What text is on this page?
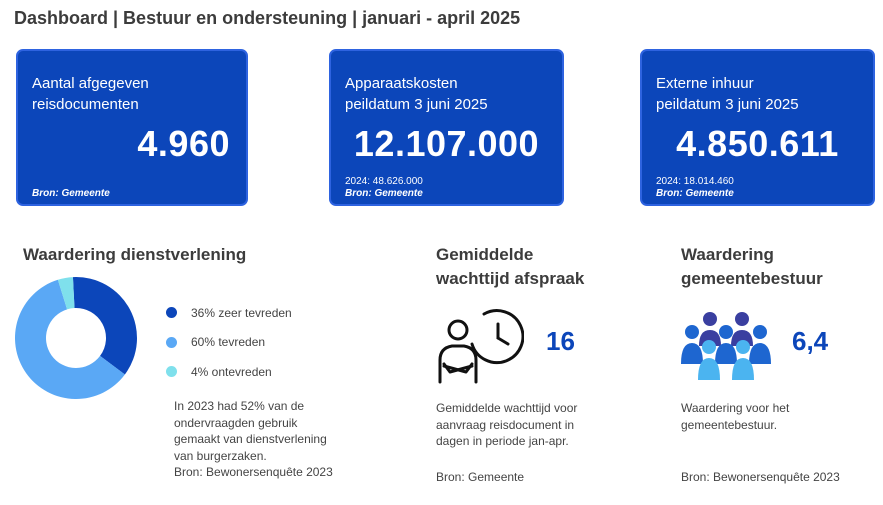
Dashboard | Bestuur en ondersteuning | januari - april 2025
Aantal afgegeven
reisdocumenten
4.960
Bron: Gemeente
Apparaatskosten
peildatum 3 juni 2025
12.107.000
2024: 48.626.000
Bron: Gemeente
Externe inhuur
peildatum 3 juni 2025
4.850.611
2024: 18.014.460
Bron: Gemeente
Waardering dienstverlening
36% zeer tevreden
60% tevreden
4% ontevreden
In 2023 had 52% van de
ondervraagden gebruik
gemaakt van dienstverlening
van burgerzaken.
Bron: Bewonersenquête 2023
Gemiddelde
wachttijd afspraak
16
Gemiddelde wachttijd voor
aanvraag reisdocument in
dagen in periode jan-apr.
Bron: Gemeente
Waardering
gemeentebestuur
6,4
Waardering voor het
gemeentebestuur.
Bron: Bewonersenquête 2023
